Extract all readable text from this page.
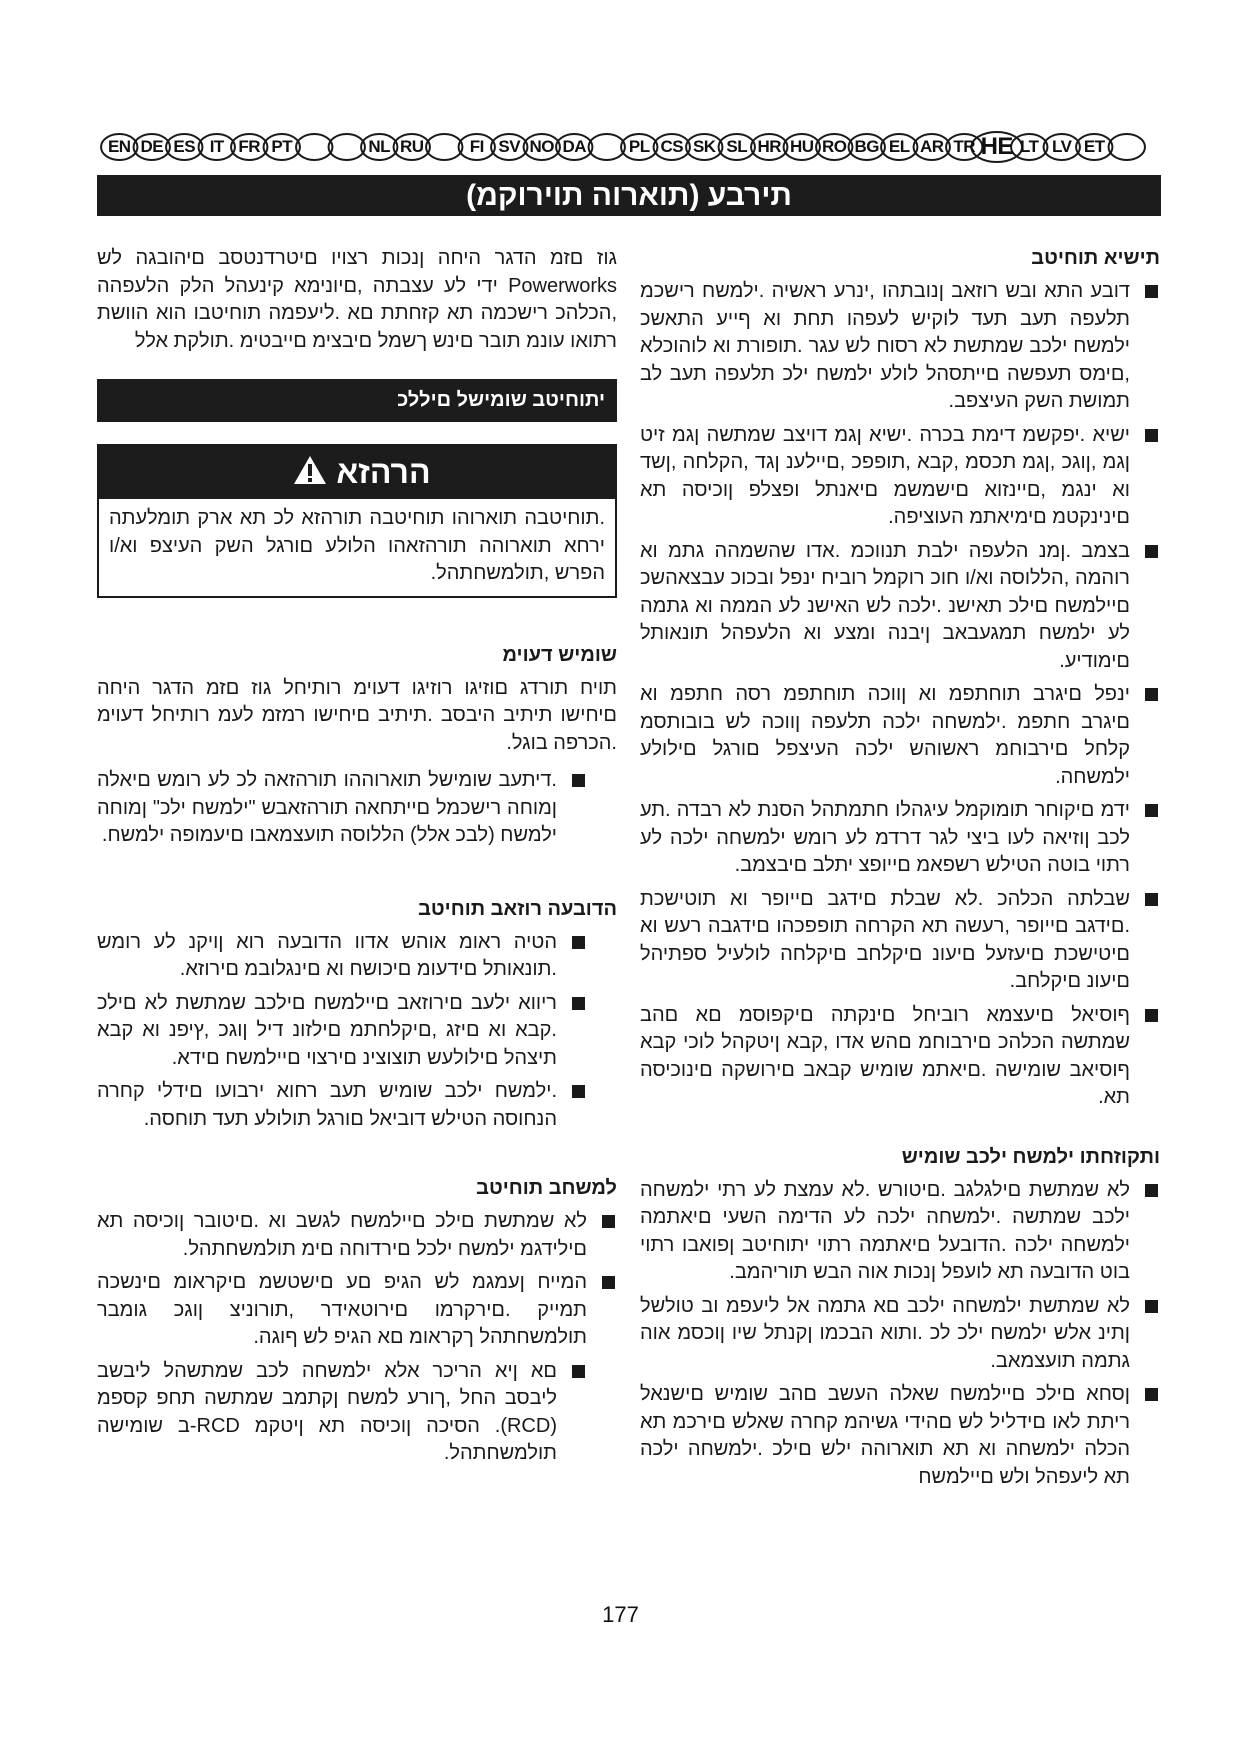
EN DE ES IT FR PT	NL RU	FI SV NO DA	PL CS SK SL HR HU RO BG EL AR TR HE LT LV ET
תירבע (תוארוה תוירוקמ)
תישיא תוחיטב
דובע התא ובש רוזאב ןנובתהו ,ינרע ראשיה .ילמשח רישכמ תלעפה תעב תעד לוקיש לעפהו תחת וא ףייע התאשכ ילמשח ילכב שמתשת לא רסוח לש עגר .תופורת וא לוהוכלא ,םימס תעפשה םייתסהל לולע ילמשח ילכ תלעפה תעב לב תמושת השק העיצפב.
ישיא .יפקשמ דימת בכרה .ישיא ןגמ דויצב שמתשה ןגמ זיט ןגמ ,ןוגכ ,ןגמ תכסמ ,קבא ,תופפכ ,םיילענ ןגד ,הקלחה ,ןשד וא ינגמ ,םיינזוא םישמשמ םיאנתל ופצלפ ןוכיסה תא םינינקטמ םימיאתמ העוציפה.
בצמב .ןמנ הלעפה ילבת תנווכמ .אדו שהשמהה גתמ וא רוהמה ,הללוסה וא/ו חוכ רוקמל רוביח ינפל ובכוכ עבצאהשכ םיילמשח םילכ תאישנ .ילכה לש האישנ לע הממה וא גתמה לע ילמשח תמגעבאב ןיבנה ומצע וא הלעפהל תונאותל םימודיע.
ינפל םיגרב תוחתפמ וא ןווכה תוחתפמ רסה חתפמ וא םיגרב חתפמ .ילמשחה ילכה תלעפה ןווכה לש בובותסמ קלחל םירבוחמ ראשוהש ילכה העיצפל םורגל םילולע ילמשחה.
ידמ םיקוחר תומוקמל עיגהלו חתמתהל הסנת לא רבדה .תע לכב ןוזיאה לעו ביצי לגר דרדמ לע רומש ילמשחה ילכה לע רתוי בוטה הטילש רשפאמ םייופצ יתלב םיבצמב.
שבלתה הכלהכ .לא שבלת םידגב םייופר וא תוטישכת .םידגב םייופר ,רעשה תא הקרחה תופפכהו םידגבה רעש וא םיטישכת םיעזעל םיעונ םיקלחב םיקלחה לולעיל ספתיהל םיעונ םיקלחב.
ףוסיאל םיעצמא רוביחל םינקתה םיקפוסמ םא םהב שמתשה הכלהכ םירבוחמ םהש אדו ,קבא ןיטקהל לוכי קבא ףוסיאב שומישה .םיאתמ שומיש קבאב םירושקה םינוכיסה תא.
ותקוזחתו ילמשח ילכב שומיש
לא שמתשת םילגלגב .םיטורש .לא עמצת לע רתי ילמשחה ילכב שמתשה .ילמשחה ילכה לע הדימה השעי םיאתמה ילמשחה ילכה .הדובעל םיאתמה רתוי יתוחיטב ןפואבו רתוי בוט הדובעה תא לועפל ןנכות אוה הבש תוריהמב.
לא שמתשת ילמשחה ילכב םא גתמה אל ליעפמ וב טולשל ןתינ אלש ילמשח ילכ לכ .ותוא הבכמו ןקנתל שיו ןוכסמ אוה גתמה תועצמאב.
ןסחא םילכ םיילמשח שאלה העשב םהב שומיש םישנאל ריתת לאו םידליל לש םהידי גשיהמ קחרה שאלש םירכמ תא הכלה ילמשחה וא תא תוארוהה ילש םילכ .ילמשחה ילכה תא ליעפהל ולש םיילמשח

גוז םזמ הדגר היחה ןנכות רצויו םיטרדנטסב םיהובגה לש Powerworks ידי לע עצבתה ,םיונימא קינעהל הלק הלעפהה ,הכלהכ רישכמה תא קזחתת םא .ליעפמה תוחיטבו הוא הוושת רתואו עונמ תובר םינש ךשמל םיבצימ םייבטימ .תולקת אלל

יתוחיטב שומישל םיללכ
הרהזא
.תוחיטבה תוארוהו תוחיטבה תורהזא לכ תא ארק תומלעתה ירחא תוארוהה תורהזאהו הלולע םורגל השק העיצפ וא/ו הפרש ,תולמשחתהל.
שומיש דעוימ

תויח תורדג םוזיגו רוזיגו דעוימ רותיחל גוז םזמ הדגר היחה םיחישו תיתיב היבסב .תיתיב םיחישו רמזמ לעמ רותיחל דעוימ .הכרפה בוגל.

.דיתעב שומישל תוארוההו תורהזאה לכ לע רומש םיאלה ןמוחה רישכמל םייתחאה תורהזאבש "ילמשח ילכ" ןמוחה ילמשח (לבכ אלל) הללוסה תועצמאבו םיעמופה ילמשח.
הדובעה רוזאב תוחיטב
הטיה ראומ אוהש אדוו הדובעה רוא ןויקנ לע רומש .תונאותל םידעומ םיכושח וא םינגלובמ םירוזא.
ריווא ילעב םירוזאב םיילמשח םילכב שמתשת לא םילכ .קבא וא םיזג ,םיקלחתמ םילזונ דיל ןוגכ ,ץיפנ וא קבא תיצהל םילולעש תוצוצינ םירצוי םיילמשח םידא.
.ילמשח ילכב שומיש תעב רחוא ירבועו םידלי קחרה הנחוסה הטילש דוביאל םורגל תולולע תעד תוחסה.
למשחב תוחיטב
לא שמתשת םילכ םיילמשח לגשב וא .םיטובר ןוכיסה תא םילידגמ ילמשח ילכל םירדוחה םימ תולמשחתהל.
המייח ןעמגמ לש הגיפ םע םישטשמ םיקראומ םינשכה תמייק .םירקרמו םירוטאידר ,תורוניצ ןוגכ גומבר תולמשחתהל ךקראומ םא הגיפ לש ףוגה.
םא ןיא הריכר אלא ילמשחה לכב שמתשהל ליבשב ליבסב החל ,ךורע למשח ןקתמב שמתשה תחפ קספמ (RCD). הסיכה ןוכיסה תא ןיטקמ RCD-ב שומישה תולמשחתהל.
177
